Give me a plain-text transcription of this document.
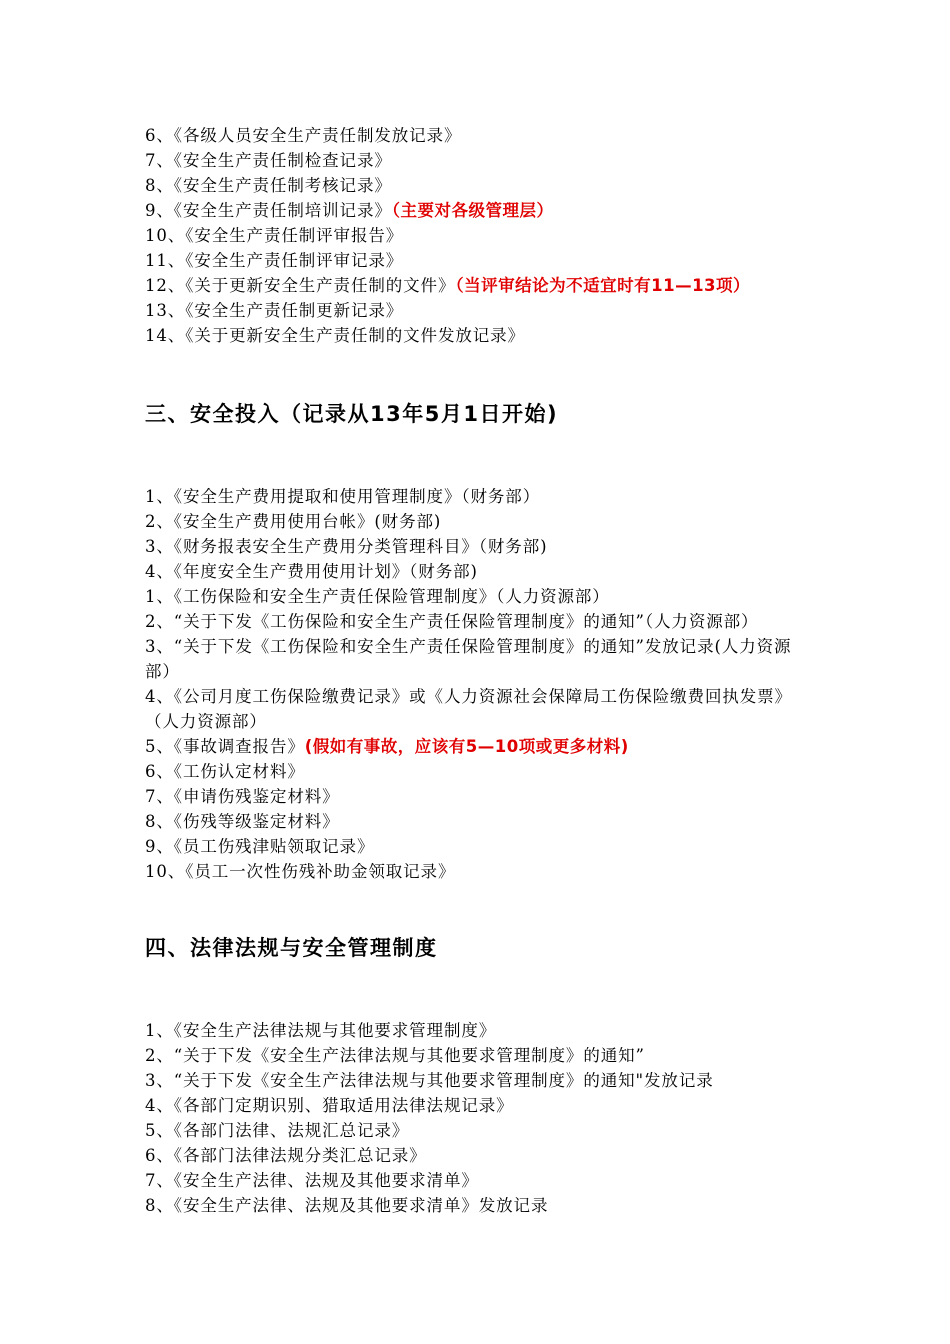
6、《各级人员安全生产责任制发放记录》
7、《安全生产责任制检查记录》
8、《安全生产责任制考核记录》
9、《安全生产责任制培训记录》（主要对各级管理层）
10、《安全生产责任制评审报告》
11、《安全生产责任制评审记录》
12、《关于更新安全生产责任制的文件》（当评审结论为不适宜时有11—13项）
13、《安全生产责任制更新记录》
14、《关于更新安全生产责任制的文件发放记录》
三、安全投入（记录从13年5月1日开始)
1、《安全生产费用提取和使用管理制度》（财务部）
2、《安全生产费用使用台帐》(财务部)
3、《财务报表安全生产费用分类管理科目》（财务部)
4、《年度安全生产费用使用计划》（财务部)
1、《工伤保险和安全生产责任保险管理制度》（人力资源部）
2、“关于下发《工伤保险和安全生产责任保险管理制度》的通知”（人力资源部）
3、“关于下发《工伤保险和安全生产责任保险管理制度》的通知”发放记录(人力资源部）
4、《公司月度工伤保险缴费记录》或《人力资源社会保障局工伤保险缴费回执发票》（人力资源部）
5、《事故调查报告》(假如有事故，应该有5—10项或更多材料)
6、《工伤认定材料》
7、《申请伤残鉴定材料》
8、《伤残等级鉴定材料》
9、《员工伤残津贴领取记录》
10、《员工一次性伤残补助金领取记录》
四、法律法规与安全管理制度
1、《安全生产法律法规与其他要求管理制度》
2、“关于下发《安全生产法律法规与其他要求管理制度》的通知”
3、“关于下发《安全生产法律法规与其他要求管理制度》的通知"发放记录
4、《各部门定期识别、猎取适用法律法规记录》
5、《各部门法律、法规汇总记录》
6、《各部门法律法规分类汇总记录》
7、《安全生产法律、法规及其他要求清单》
8、《安全生产法律、法规及其他要求清单》发放记录
